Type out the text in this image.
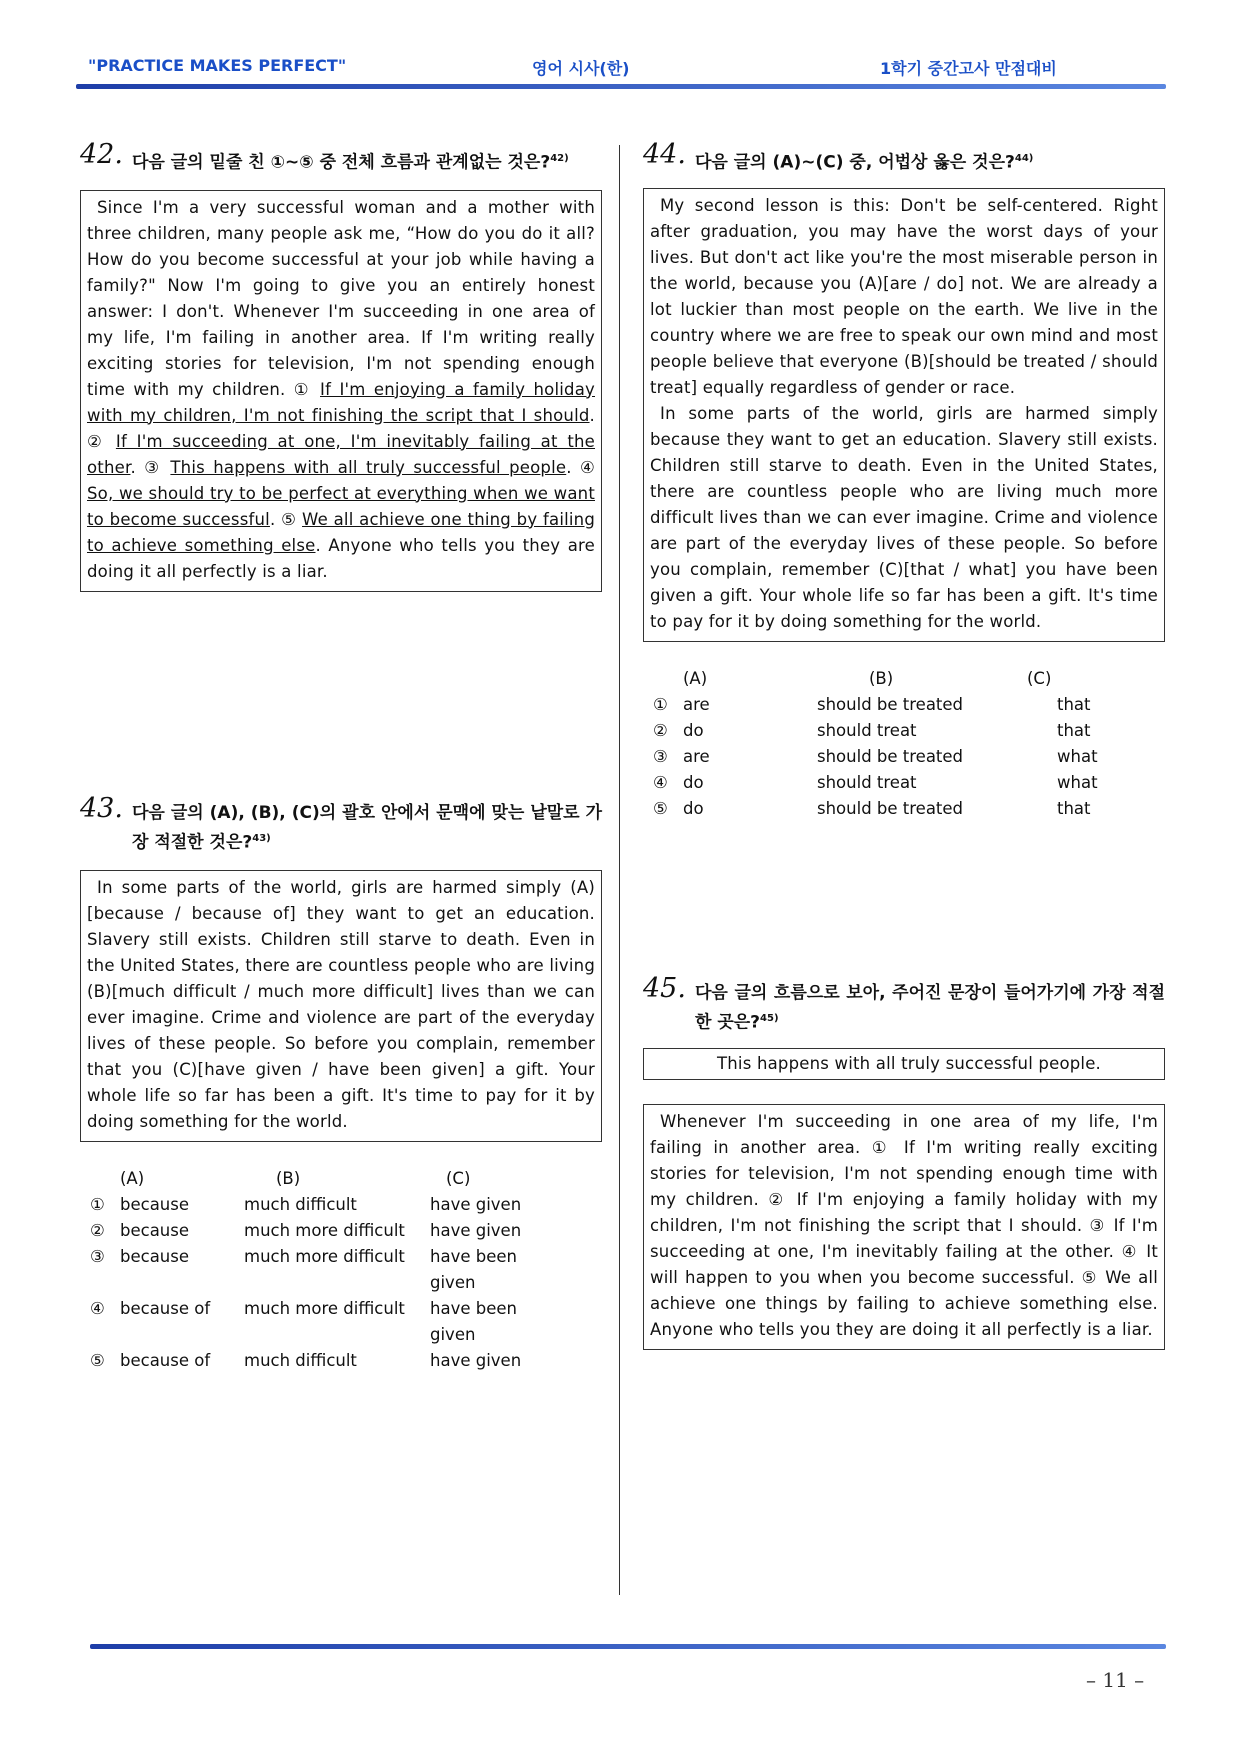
"PRACTICE MAKES PERFECT"	영어 시사(한)	1학기 중간고사 만점대비
42. 다음 글의 밑줄 친 ①~⑤ 중 전체 흐름과 관계없는 것은?$^{42)}$

Since I'm a very successful woman and a mother with three children, many people ask me, “How do you do it all? How do you become successful at your job while having a family?" Now I'm going to give you an entirely honest answer: I don't. Whenever I'm succeeding in one area of my life, I'm failing in another area. If I'm writing really exciting stories for television, I'm not spending enough time with my children. ① If I'm enjoying a family holiday with my children, I'm not finishing the script that I should. ② If I'm succeeding at one, I'm inevitably failing at the other. ③ This happens with all truly successful people. ④ So, we should try to be perfect at everything when we want to become successful. ⑤ We all achieve one thing by failing to achieve something else. Anyone who tells you they are doing it all perfectly is a liar.

43. 다음 글의 (A), (B), (C)의 괄호 안에서 문맥에 맞는 낱말로 가장 적절한 것은?$^{43)}$

In some parts of the world, girls are harmed simply (A)[because / because of] they want to get an education. Slavery still exists. Children still starve to death. Even in the United States, there are countless people who are living (B)[much difficult / much more difficult] lives than we can ever imagine. Crime and violence are part of the everyday lives of these people. So before you complain, remember that you (C)[have given / have been given] a gift. Your whole life so far has been a gift. It's time to pay for it by doing something for the world.

(A)	(B)	(C)
① because	much difficult	have given
② because	much more difficult	have given
③ because	much more difficult	have been given
④ because of	much more difficult	have been given
⑤ because of	much difficult	have given
44. 다음 글의 (A)~(C) 중, 어법상 옳은 것은?$^{44)}$

My second lesson is this: Don't be self-centered. Right after graduation, you may have the worst days of your lives. But don't act like you're the most miserable person in the world, because you (A)[are / do] not. We are already a lot luckier than most people on the earth. We live in the country where we are free to speak our own mind and most people believe that everyone (B)[should be treated / should treat] equally regardless of gender or race.

In some parts of the world, girls are harmed simply because they want to get an education. Slavery still exists. Children still starve to death. Even in the United States, there are countless people who are living much more difficult lives than we can ever imagine. Crime and violence are part of the everyday lives of these people. So before you complain, remember (C)[that / what] you have been given a gift. Your whole life so far has been a gift. It's time to pay for it by doing something for the world.

(A)	(B)	(C)
① are	should be treated	that
② do	should treat	that
③ are	should be treated	what
④ do	should treat	what
⑤ do	should be treated	that
45. 다음 글의 흐름으로 보아, 주어진 문장이 들어가기에 가장 적절한 곳은?$^{45)}$

This happens with all truly successful people.

Whenever I'm succeeding in one area of my life, I'm failing in another area. ① If I'm writing really exciting stories for television, I'm not spending enough time with my children. ② If I'm enjoying a family holiday with my children, I'm not finishing the script that I should. ③ If I'm succeeding at one, I'm inevitably failing at the other. ④ It will happen to you when you become successful. ⑤ We all achieve one things by failing to achieve something else. Anyone who tells you they are doing it all perfectly is a liar.

– 11 –
